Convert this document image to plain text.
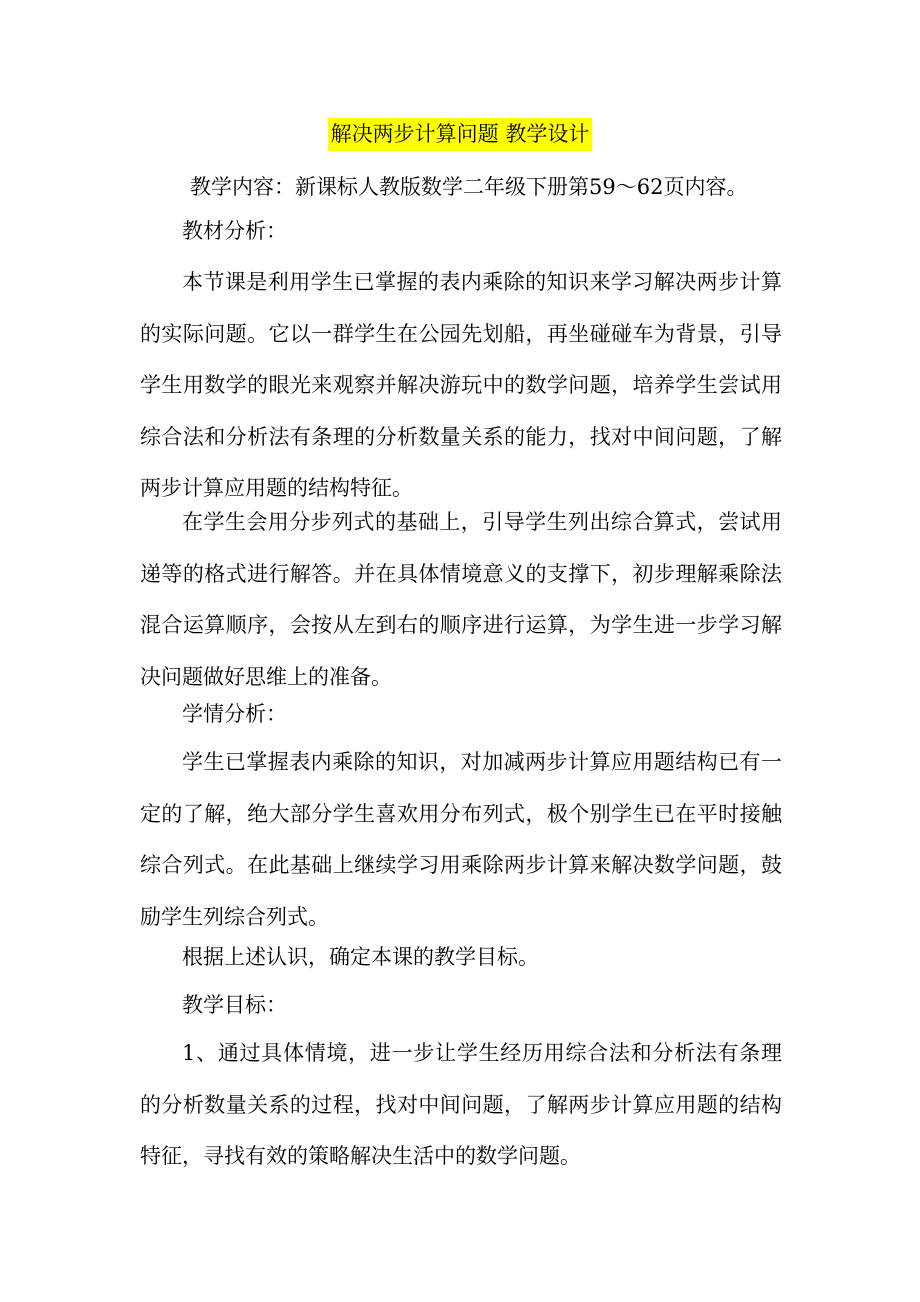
解决两步计算问题 教学设计

教学内容：新课标人教版数学二年级下册第59～62页内容。

教材分析：

本节课是利用学生已掌握的表内乘除的知识来学习解决两步计算的实际问题。它以一群学生在公园先划船，再坐碰碰车为背景，引导学生用数学的眼光来观察并解决游玩中的数学问题，培养学生尝试用综合法和分析法有条理的分析数量关系的能力，找对中间问题，了解两步计算应用题的结构特征。

在学生会用分步列式的基础上，引导学生列出综合算式，尝试用递等的格式进行解答。并在具体情境意义的支撑下，初步理解乘除法混合运算顺序，会按从左到右的顺序进行运算，为学生进一步学习解决问题做好思维上的准备。

学情分析：

学生已掌握表内乘除的知识，对加减两步计算应用题结构已有一定的了解，绝大部分学生喜欢用分布列式，极个别学生已在平时接触综合列式。在此基础上继续学习用乘除两步计算来解决数学问题，鼓励学生列综合列式。

根据上述认识，确定本课的教学目标。

教学目标：

1、通过具体情境，进一步让学生经历用综合法和分析法有条理的分析数量关系的过程，找对中间问题，了解两步计算应用题的结构特征，寻找有效的策略解决生活中的数学问题。
